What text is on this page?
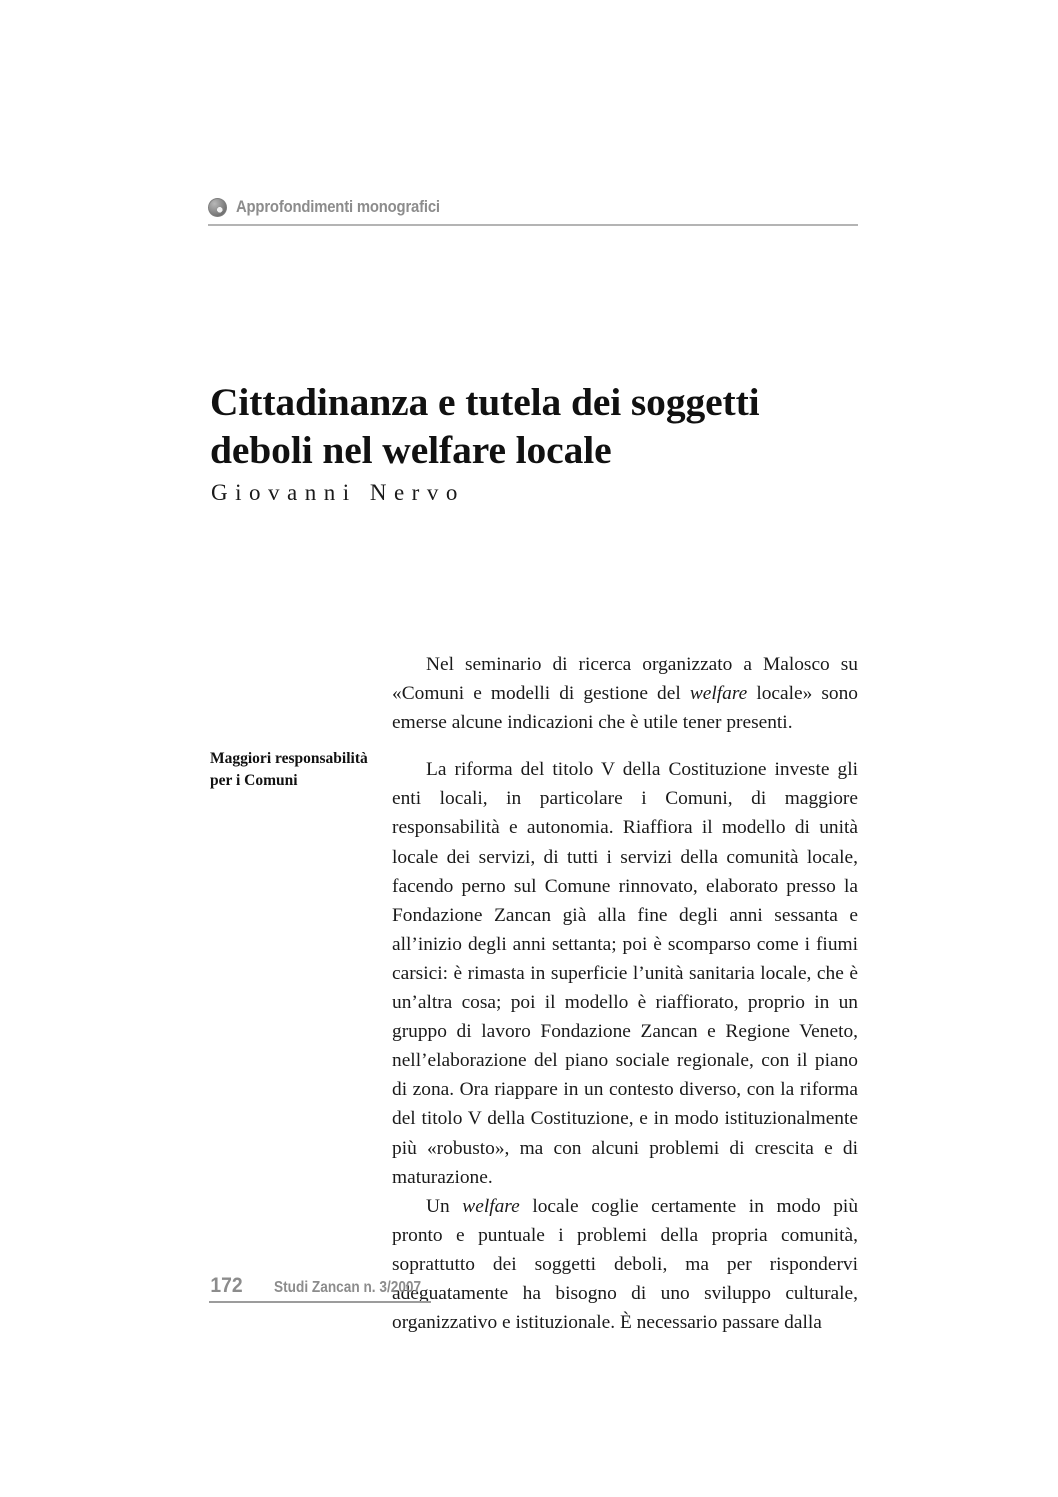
Approfondimenti monografici
Cittadinanza e tutela dei soggetti deboli nel welfare locale
Giovanni Nervo
Maggiori responsabilità per i Comuni

Nel seminario di ricerca organizzato a Malosco su «Comuni e modelli di gestione del welfare locale» sono emerse alcune indicazioni che è utile tener presenti.

La riforma del titolo V della Costituzione investe gli enti locali, in particolare i Comuni, di maggiore responsabilità e autonomia. Riaffiora il modello di unità locale dei servizi, di tutti i servizi della comunità locale, facendo perno sul Comune rinnovato, elaborato presso la Fondazione Zancan già alla fine degli anni sessanta e all’inizio degli anni settanta; poi è scomparso come i fiumi carsici: è rimasta in superficie l’unità sanitaria locale, che è un’altra cosa; poi il modello è riaffiorato, proprio in un gruppo di lavoro Fondazione Zancan e Regione Veneto, nell’elaborazione del piano sociale regionale, con il piano di zona. Ora riappare in un contesto diverso, con la riforma del titolo V della Costituzione, e in modo istituzionalmente più «robusto», ma con alcuni problemi di crescita e di maturazione.

Un welfare locale coglie certamente in modo più pronto e puntuale i problemi della propria comunità, soprattutto dei soggetti deboli, ma per rispondervi adeguatamente ha bisogno di uno sviluppo culturale, organizzativo e istituzionale. È necessario passare dalla

172 Studi Zancan n. 3/2007
